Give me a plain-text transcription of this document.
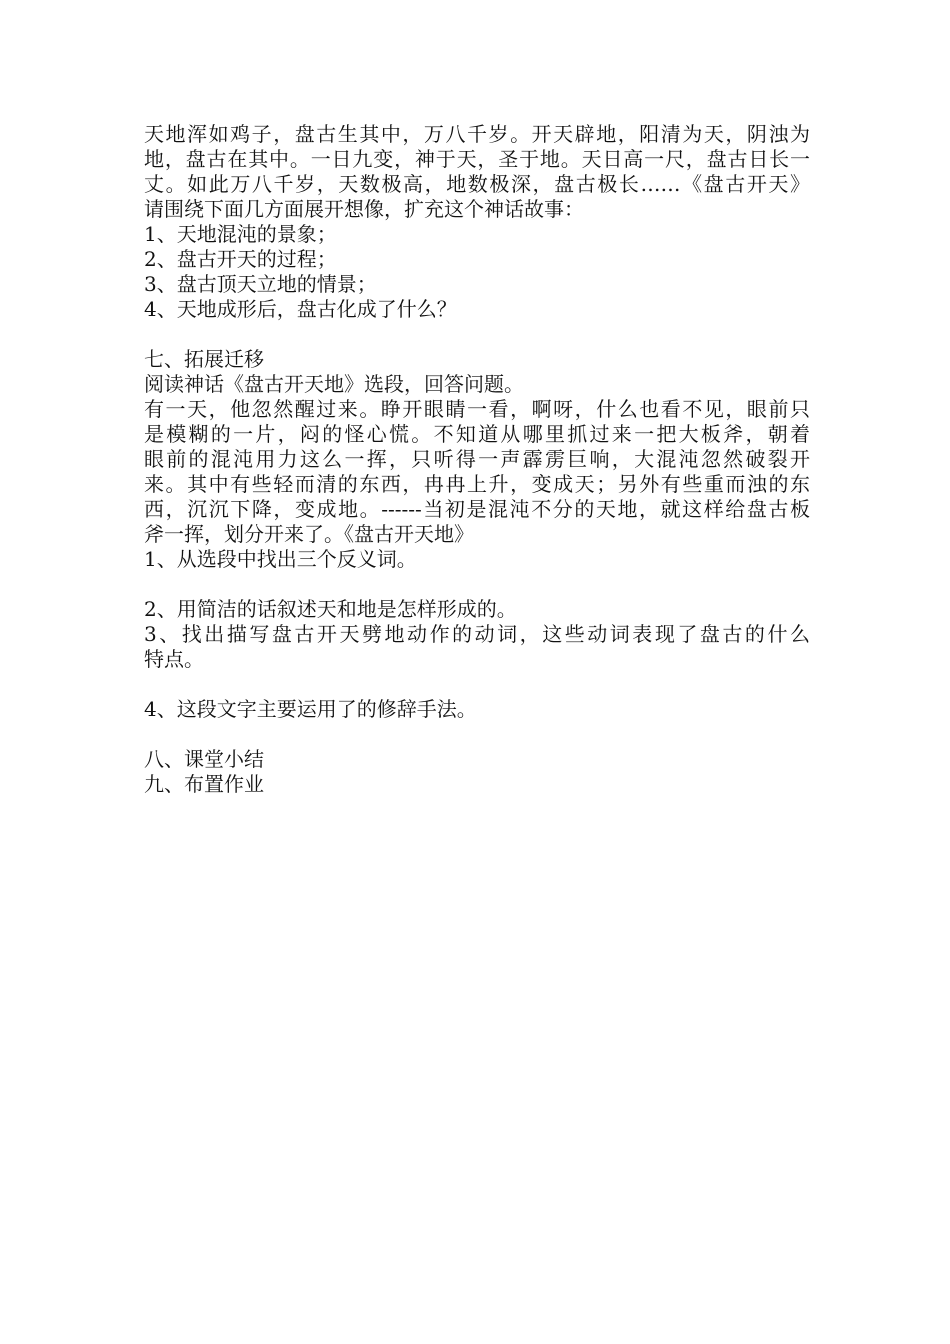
天地浑如鸡子，盘古生其中，万八千岁。开天辟地，阳清为天，阴浊为
地，盘古在其中。一日九变，神于天，圣于地。天日高一尺，盘古日长一
丈。如此万八千岁，天数极高，地数极深，盘古极长……《盘古开天》
请围绕下面几方面展开想像，扩充这个神话故事：
1、天地混沌的景象；
2、盘古开天的过程；
3、盘古顶天立地的情景；
4、天地成形后，盘古化成了什么？
七、拓展迁移
阅读神话《盘古开天地》选段，回答问题。
有一天，他忽然醒过来。睁开眼睛一看，啊呀，什么也看不见，眼前只
是模糊的一片，闷的怪心慌。不知道从哪里抓过来一把大板斧，朝着
眼前的混沌用力这么一挥，只听得一声霹雳巨响，大混沌忽然破裂开
来。其中有些轻而清的东西，冉冉上升，变成天；另外有些重而浊的东
西，沉沉下降，变成地。------当初是混沌不分的天地，就这样给盘古板
斧一挥，划分开来了。《盘古开天地》
1、从选段中找出三个反义词。
2、用简洁的话叙述天和地是怎样形成的。
3、找出描写盘古开天劈地动作的动词，这些动词表现了盘古的什么
特点。
4、这段文字主要运用了的修辞手法。
八、课堂小结
九、布置作业
